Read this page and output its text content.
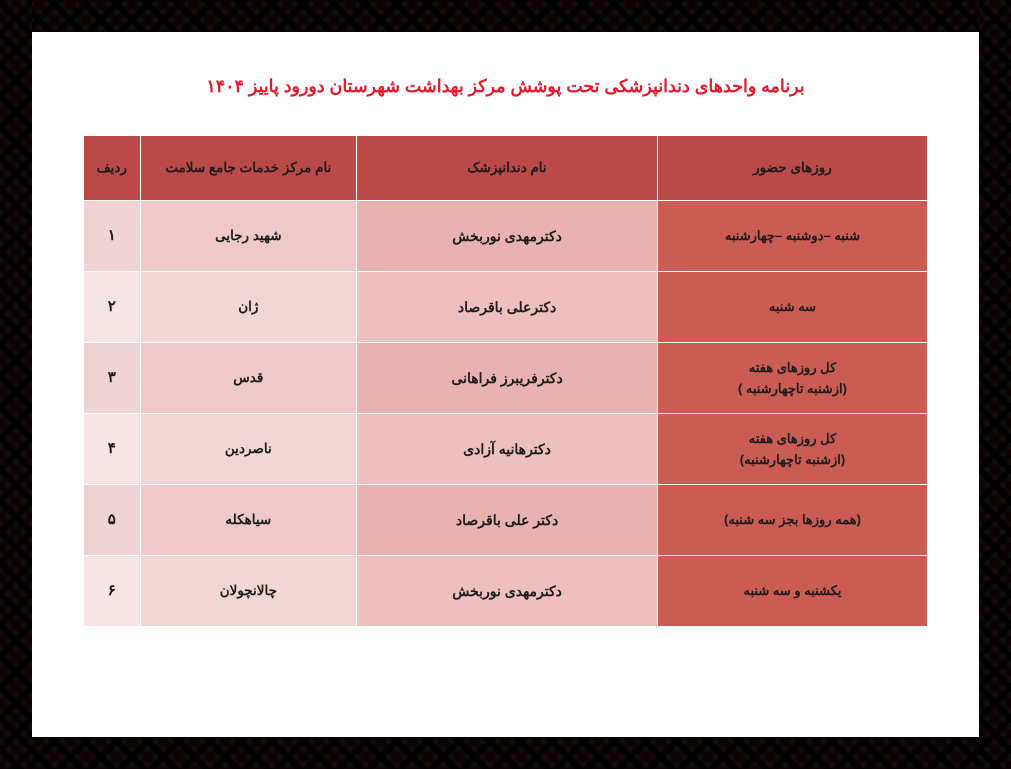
برنامه واحدهای دندانپزشکی تحت پوشش مرکز بهداشت شهرستان دورود پاییز ۱۴۰۴
روزهای حضور	نام دندانپزشک	نام مرکز خدمات جامع سلامت	ردیف

شنبه –دوشنبه –چهارشنبه	دکترمهدی نوربخش	شهید رجایی	۱

سه شنبه	دکترعلی باقرصاد	ژان	۲

کل روزهای هفته
(ازشنبه تاچهارشنبه )	دکترفریبرز فراهانی	قدس	۳

کل روزهای هفته
(ازشنبه تاچهارشنبه)	دکترهانیه آزادی	ناصردین	۴

(همه روزها بجز سه شنبه)	دکتر علی باقرصاد	سیاهکله	۵

یکشنبه و سه شنبه	دکترمهدی نوربخش	چالانچولان	۶
